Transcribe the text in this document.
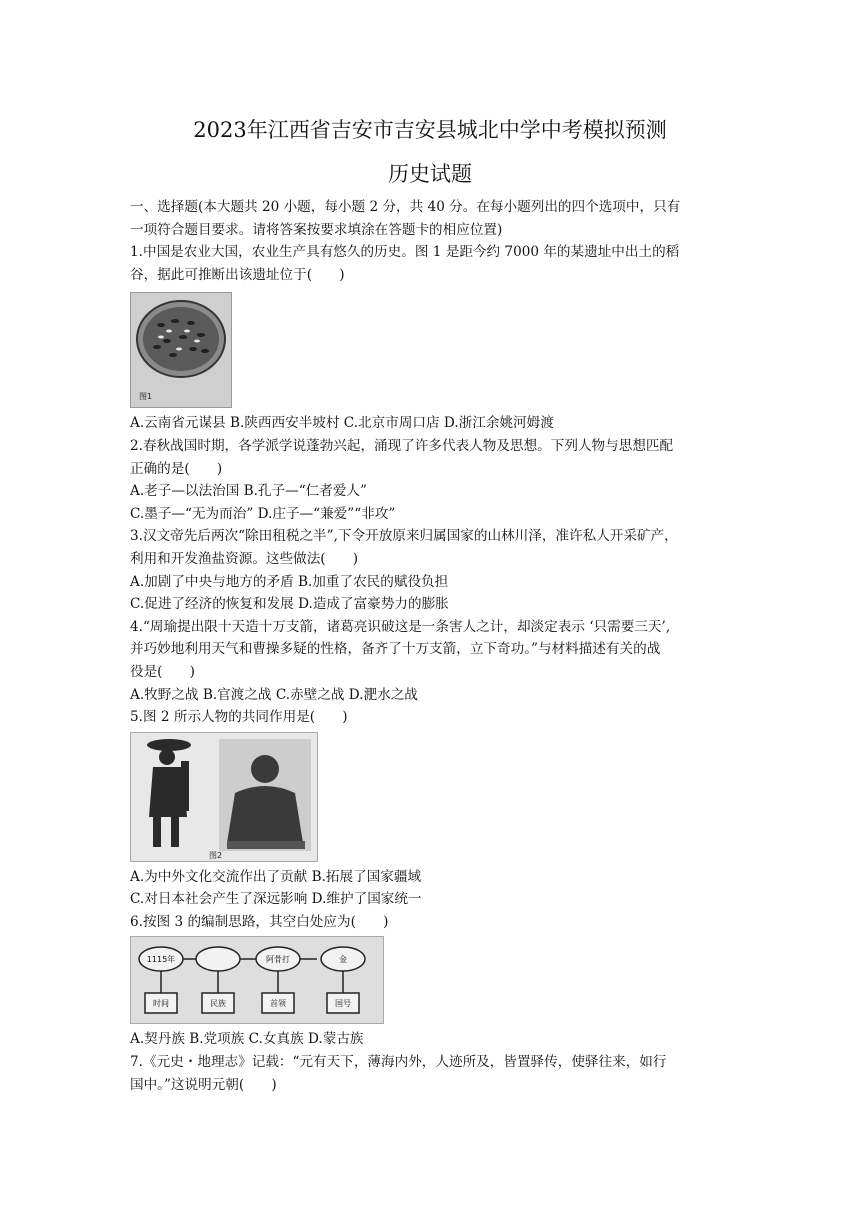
2023年江西省吉安市吉安县城北中学中考模拟预测
历史试题

一、选择题(本大题共 20 小题，每小题 2 分，共 40 分。在每小题列出的四个选项中，只有

一项符合题目要求。请将答案按要求填涂在答题卡的相应位置)

1.中国是农业大国，农业生产具有悠久的历史。图 1 是距今约 7000 年的某遗址中出土的稻

谷，据此可推断出该遗址位于(　　)

图1

A.云南省元谋县 B.陕西西安半坡村 C.北京市周口店 D.浙江余姚河姆渡

2.春秋战国时期，各学派学说蓬勃兴起，涌现了许多代表人物及思想。下列人物与思想匹配

正确的是(　　)

A.老子—以法治国 B.孔子—“仁者爱人”

C.墨子—“无为而治” D.庄子—“兼爱”“非攻”

3.汉文帝先后两次“除田租税之半”,下令开放原来归属国家的山林川泽，准许私人开采矿产，

利用和开发渔盐资源。这些做法(　　)

A.加剧了中央与地方的矛盾 B.加重了农民的赋役负担

C.促进了经济的恢复和发展 D.造成了富豪势力的膨胀

4.“周瑜提出限十天造十万支箭，诸葛亮识破这是一条害人之计，却淡定表示 ‘只需要三天’,

并巧妙地利用天气和曹操多疑的性格，备齐了十万支箭，立下奇功。”与材料描述有关的战

役是(　　)

A.牧野之战 B.官渡之战 C.赤壁之战 D.淝水之战

5.图 2 所示人物的共同作用是(　　)

图2

A.为中外文化交流作出了贡献 B.拓展了国家疆域

C.对日本社会产生了深远影响 D.维护了国家统一

6.按图 3 的编制思路，其空白处应为(　　)

1115年	阿骨打	金
时间	民族	首领	国号

A.契丹族 B.党项族 C.女真族 D.蒙古族

7.《元史・地理志》记载：“元有天下，薄海内外，人迹所及，皆置驿传，使驿往来，如行

国中。”这说明元朝(　　)
